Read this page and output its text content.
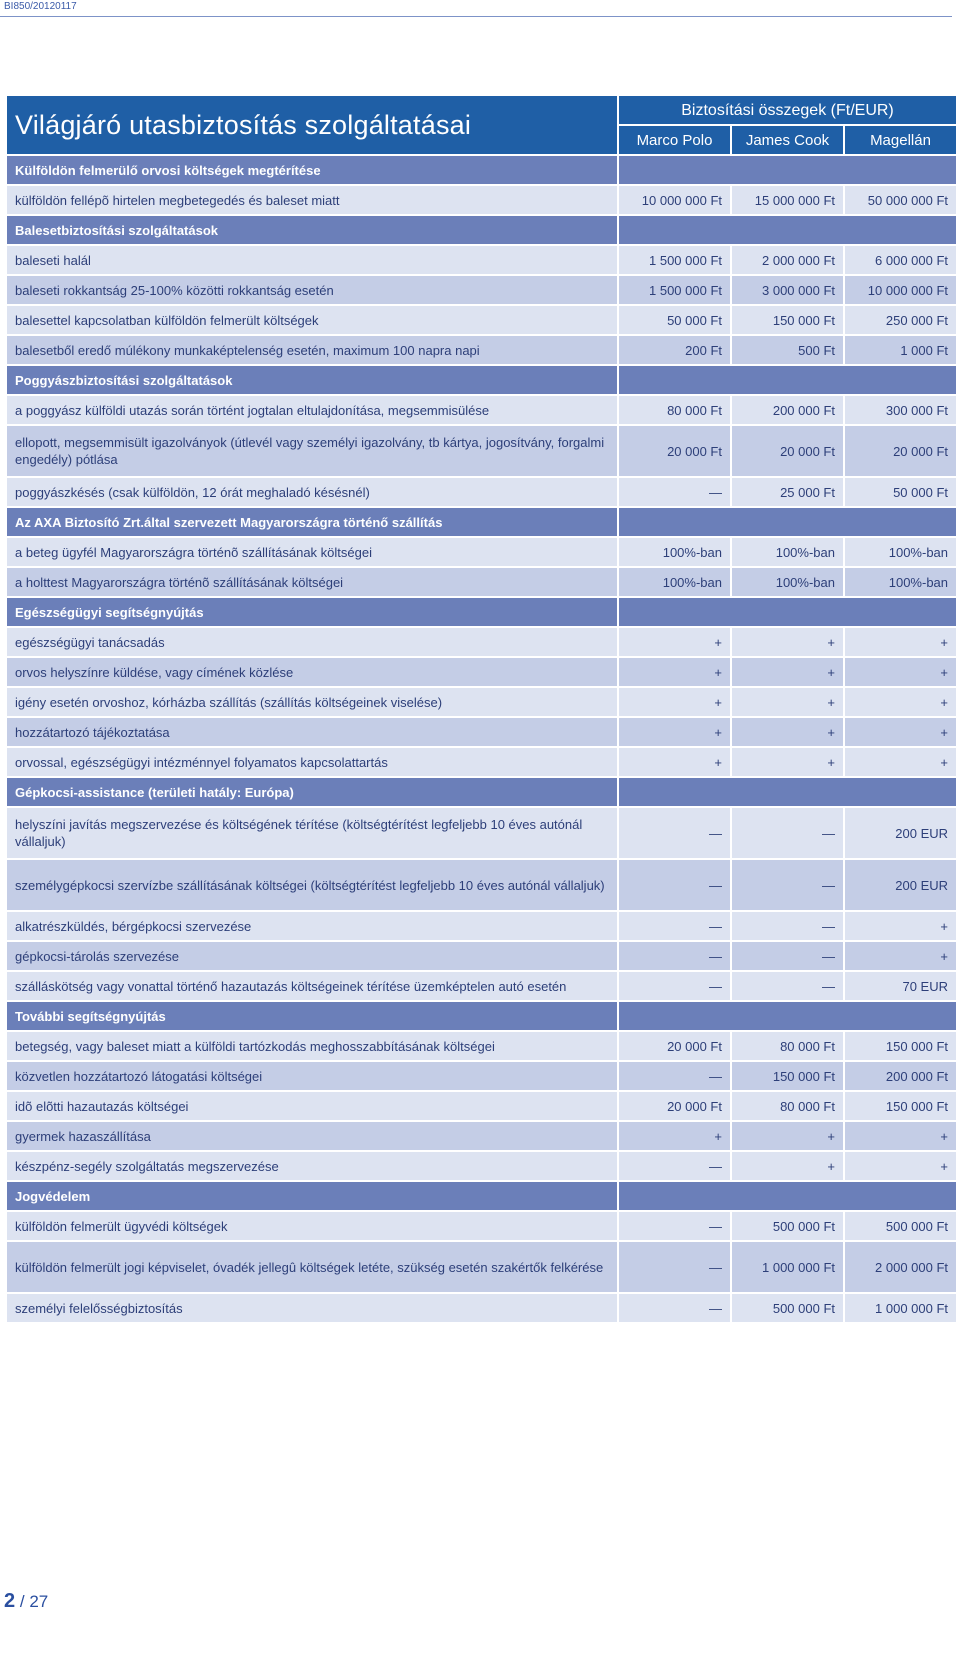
BI850/20120117
Világjáró utasbiztosítás szolgáltatásai	Biztosítási összegek (Ft/EUR)		
	Marco Polo	James Cook	Magellán
Külföldön felmerülő orvosi költségek megtérítése			
külföldön fellépõ hirtelen megbetegedés és baleset miatt	10 000 000 Ft	15 000 000 Ft	50 000 000 Ft
Balesetbiztosítási szolgáltatások			
baleseti halál	1 500 000 Ft	2 000 000 Ft	6 000 000 Ft
baleseti rokkantság 25-100% közötti rokkantság esetén	1 500 000 Ft	3 000 000 Ft	10 000 000 Ft
balesettel kapcsolatban külföldön felmerült költségek	50 000 Ft	150 000 Ft	250 000 Ft
balesetből eredő múlékony munkaképtelenség esetén, maximum 100 napra napi	200 Ft	500 Ft	1 000 Ft
Poggyászbiztosítási szolgáltatások			
a poggyász külföldi utazás során történt jogtalan eltulajdonítása, megsemmisülése	80 000 Ft	200 000 Ft	300 000 Ft
ellopott, megsemmisült igazolványok (útlevél vagy személyi igazolvány, tb kártya, jogosítvány, forgalmi engedély) pótlása	20 000 Ft	20 000 Ft	20 000 Ft
poggyászkésés (csak külföldön, 12 órát meghaladó késésnél)	—	25 000 Ft	50 000 Ft
Az AXA Biztosító Zrt.által szervezett Magyarországra történő szállítás			
a beteg ügyfél Magyarországra történõ szállításának költségei	100%-ban	100%-ban	100%-ban
a holttest Magyarországra történõ szállításának költségei	100%-ban	100%-ban	100%-ban
Egészségügyi segítségnyújtás			
egészségügyi tanácsadás	+	+	+
orvos helyszínre küldése, vagy címének közlése	+	+	+
igény esetén orvoshoz, kórházba szállítás (szállítás költségeinek viselése)	+	+	+
hozzátartozó tájékoztatása	+	+	+
orvossal, egészségügyi intézménnyel folyamatos kapcsolattartás	+	+	+
Gépkocsi-assistance (területi hatály: Európa)			
helyszíni javítás megszervezése és költségének térítése (költségtérítést legfeljebb 10 éves autónál vállaljuk)	—	—	200 EUR
személygépkocsi szervízbe szállításának költségei (költségtérítést legfeljebb 10 éves autónál vállaljuk)	—	—	200 EUR
alkatrészküldés, bérgépkocsi szervezése	—	—	+
gépkocsi-tárolás szervezése	—	—	+
szálláskötség vagy vonattal történő hazautazás költségeinek térítése üzemképtelen autó esetén	—	—	70 EUR
További segítségnyújtás			
betegség, vagy baleset miatt a külföldi tartózkodás meghosszabbításának költségei	20 000 Ft	80 000 Ft	150 000 Ft
közvetlen hozzátartozó látogatási költségei	—	150 000 Ft	200 000 Ft
idõ elõtti hazautazás költségei	20 000 Ft	80 000 Ft	150 000 Ft
gyermek hazaszállítása	+	+	+
készpénz-segély szolgáltatás megszervezése	—	+	+
Jogvédelem			
külföldön felmerült ügyvédi költségek	—	500 000 Ft	500 000 Ft
külföldön felmerült jogi képviselet, óvadék jellegû költségek letéte, szükség esetén szakértők felkérése	—	1 000 000 Ft	2 000 000 Ft
személyi felelősségbiztosítás	—	500 000 Ft	1 000 000 Ft
2 / 27
